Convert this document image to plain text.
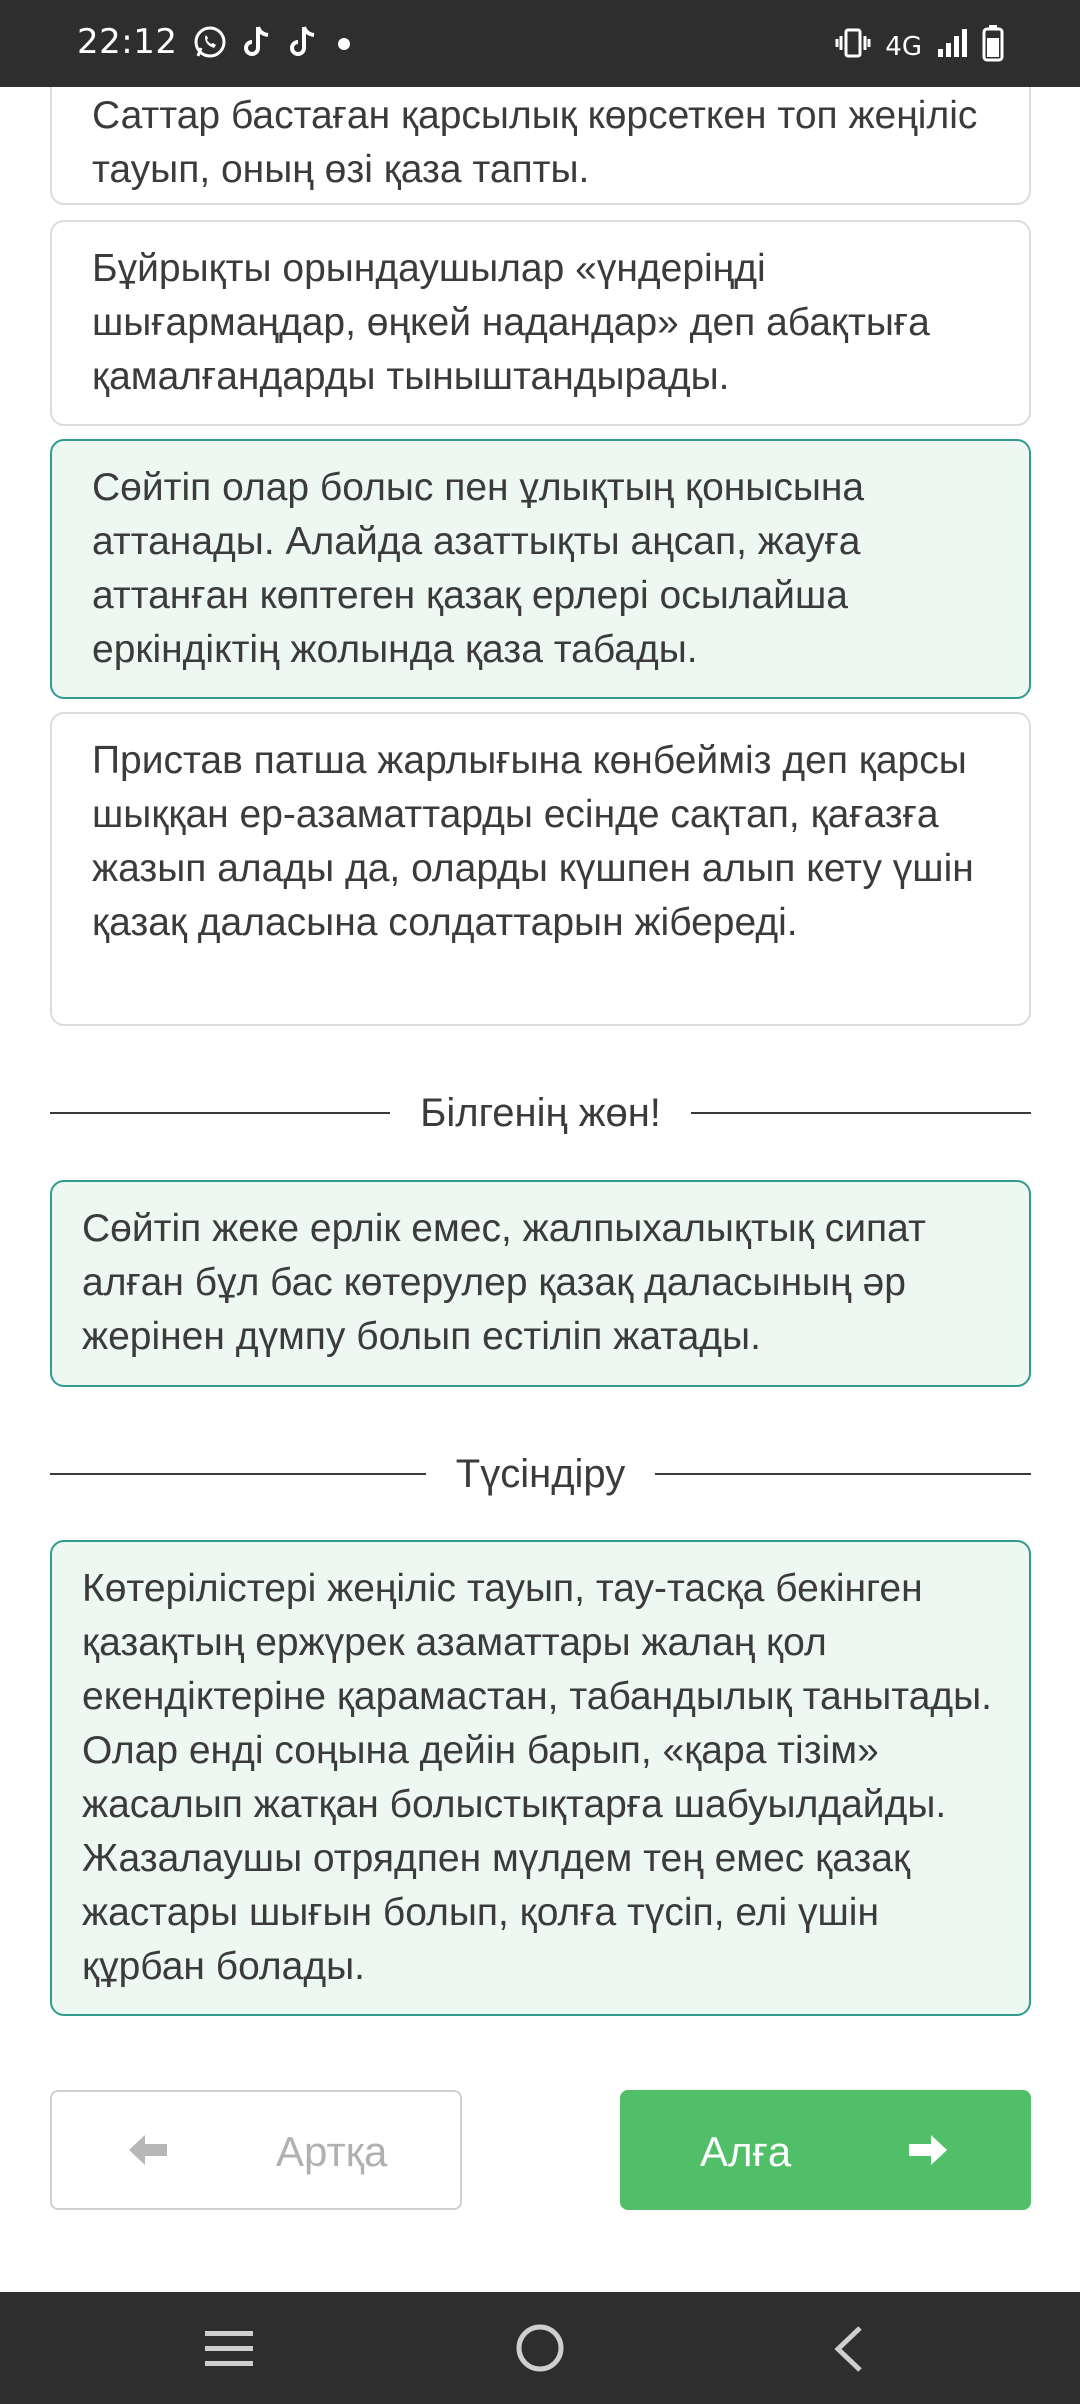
22:12	4G
Саттар бастаған қарсылық көрсеткен топ жеңіліс тауып, оның өзі қаза тапты.
Бұйрықты орындаушылар «үндеріңді шығармаңдар, өңкей надандар» деп абақтыға қамалғандарды тыныштандырады.
Сөйтіп олар болыс пен ұлықтың қонысына аттанады. Алайда азаттықты аңсап, жауға аттанған көптеген қазақ ерлері осылайша еркіндіктің жолында қаза табады.
Пристав патша жарлығына көнбейміз деп қарсы шыққан ер-азаматтарды есінде сақтап, қағазға жазып алады да, оларды күшпен алып кету үшін қазақ даласына солдаттарын жібереді.
Білгенің жөн!
Сөйтіп жеке ерлік емес, жалпыхалықтық сипат алған бұл бас көтерулер қазақ даласының әр жерінен дүмпу болып естіліп жатады.
Түсіндіру
Көтерілістері жеңіліс тауып, тау-тасқа бекінген қазақтың ержүрек азаматтары жалаң қол екендіктеріне қарамастан, табандылық танытады. Олар енді соңына дейін барып, «қара тізім» жасалып жатқан болыстықтарға шабуылдайды. Жазалаушы отрядпен мүлдем тең емес қазақ жастары шығын болып, қолға түсіп, елі үшін құрбан болады.
Артқа	Алға
